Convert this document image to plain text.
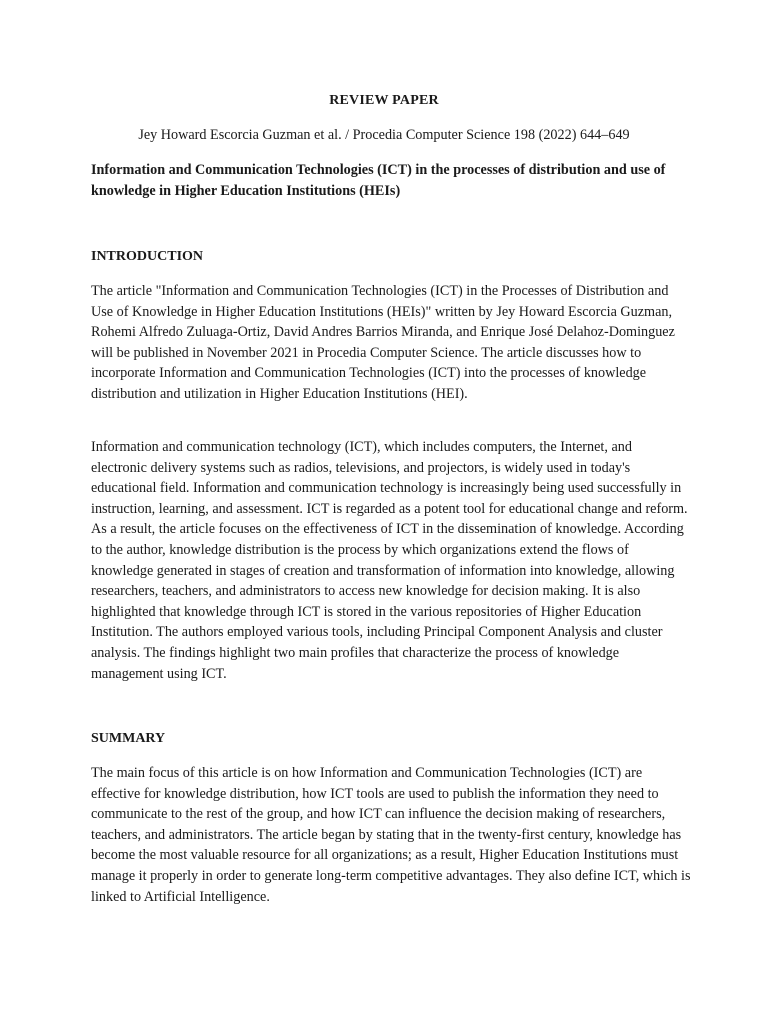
REVIEW PAPER
Jey Howard Escorcia Guzman et al. / Procedia Computer Science 198 (2022) 644–649
Information and Communication Technologies (ICT) in the processes of distribution and use of knowledge in Higher Education Institutions (HEIs)
INTRODUCTION
The article "Information and Communication Technologies (ICT) in the Processes of Distribution and Use of Knowledge in Higher Education Institutions (HEIs)" written by Jey Howard Escorcia Guzman, Rohemi Alfredo Zuluaga-Ortiz, David Andres Barrios Miranda, and Enrique José Delahoz-Dominguez will be published in November 2021 in Procedia Computer Science. The article discusses how to incorporate Information and Communication Technologies (ICT) into the processes of knowledge distribution and utilization in Higher Education Institutions (HEI).
Information and communication technology (ICT), which includes computers, the Internet, and electronic delivery systems such as radios, televisions, and projectors, is widely used in today's educational field. Information and communication technology is increasingly being used successfully in instruction, learning, and assessment. ICT is regarded as a potent tool for educational change and reform. As a result, the article focuses on the effectiveness of ICT in the dissemination of knowledge. According to the author, knowledge distribution is the process by which organizations extend the flows of knowledge generated in stages of creation and transformation of information into knowledge, allowing researchers, teachers, and administrators to access new knowledge for decision making. It is also highlighted that knowledge through ICT is stored in the various repositories of Higher Education Institution. The authors employed various tools, including Principal Component Analysis and cluster analysis. The findings highlight two main profiles that characterize the process of knowledge management using ICT.
SUMMARY
The main focus of this article is on how Information and Communication Technologies (ICT) are effective for knowledge distribution, how ICT tools are used to publish the information they need to communicate to the rest of the group, and how ICT can influence the decision making of researchers, teachers, and administrators. The article began by stating that in the twenty-first century, knowledge has become the most valuable resource for all organizations; as a result, Higher Education Institutions must manage it properly in order to generate long-term competitive advantages. They also define ICT, which is linked to Artificial Intelligence.
